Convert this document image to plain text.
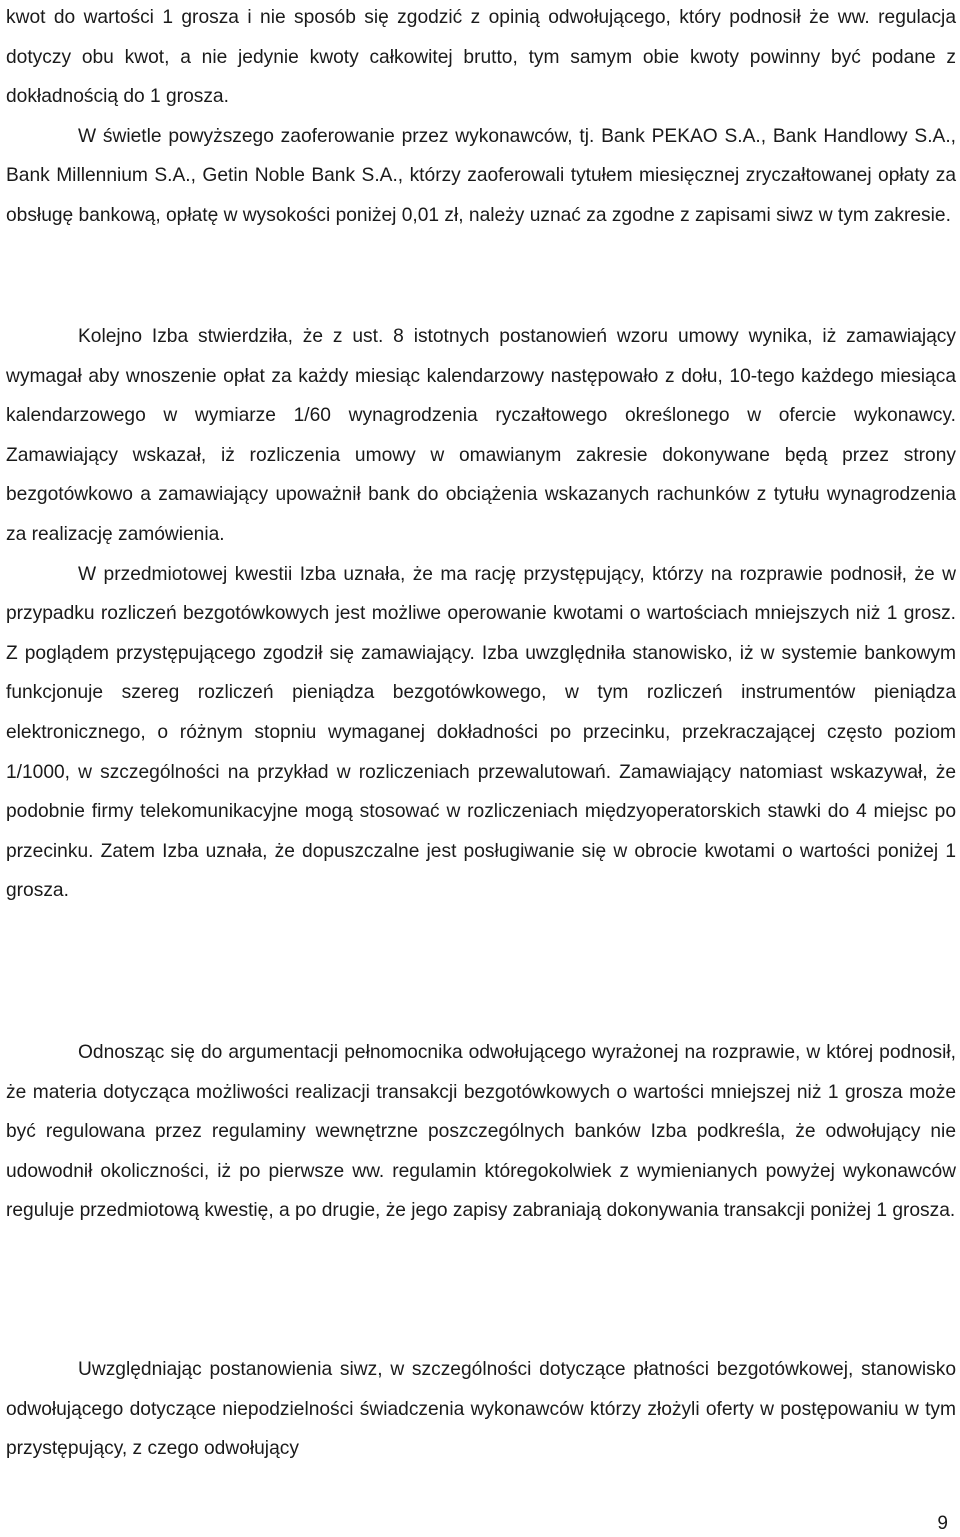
kwot do wartości 1 grosza i nie sposób się zgodzić z opinią odwołującego, który podnosił że ww. regulacja dotyczy obu kwot, a nie jedynie kwoty całkowitej brutto, tym samym obie kwoty powinny być podane z dokładnością do 1 grosza.

W świetle powyższego zaoferowanie przez wykonawców, tj. Bank PEKAO S.A., Bank Handlowy S.A., Bank Millennium S.A., Getin Noble Bank S.A., którzy zaoferowali tytułem miesięcznej zryczałtowanej opłaty za obsługę bankową, opłatę w wysokości poniżej 0,01 zł, należy uznać za zgodne z zapisami siwz w tym zakresie.

Kolejno Izba stwierdziła, że z ust. 8 istotnych postanowień wzoru umowy wynika, iż zamawiający wymagał aby wnoszenie opłat za każdy miesiąc kalendarzowy następowało z dołu, 10-tego każdego miesiąca kalendarzowego w wymiarze 1/60 wynagrodzenia ryczałtowego określonego w ofercie wykonawcy. Zamawiający wskazał, iż rozliczenia umowy w omawianym zakresie dokonywane będą przez strony bezgotówkowo a zamawiający upoważnił bank do obciążenia wskazanych rachunków z tytułu wynagrodzenia za realizację zamówienia.

W przedmiotowej kwestii Izba uznała, że ma rację przystępujący, którzy na rozprawie podnosił, że w przypadku rozliczeń bezgotówkowych jest możliwe operowanie kwotami o wartościach mniejszych niż 1 grosz. Z poglądem przystępującego zgodził się zamawiający. Izba uwzględniła stanowisko, iż w systemie bankowym funkcjonuje szereg rozliczeń pieniądza bezgotówkowego, w tym rozliczeń instrumentów pieniądza elektronicznego, o różnym stopniu wymaganej dokładności po przecinku, przekraczającej często poziom 1/1000, w szczególności na przykład w rozliczeniach przewalutowań. Zamawiający natomiast wskazywał, że podobnie firmy telekomunikacyjne mogą stosować w rozliczeniach międzyoperatorskich stawki do 4 miejsc po przecinku. Zatem Izba uznała, że dopuszczalne jest posługiwanie się w obrocie kwotami o wartości poniżej 1 grosza.

Odnosząc się do argumentacji pełnomocnika odwołującego wyrażonej na rozprawie, w której podnosił, że materia dotycząca możliwości realizacji transakcji bezgotówkowych o wartości mniejszej niż 1 grosza może być regulowana przez regulaminy wewnętrzne poszczególnych banków Izba podkreśla, że odwołujący nie udowodnił okoliczności, iż po pierwsze ww. regulamin któregokolwiek z wymienianych powyżej wykonawców reguluje przedmiotową kwestię, a po drugie, że jego zapisy zabraniają dokonywania transakcji poniżej 1 grosza.

Uwzględniając postanowienia siwz, w szczególności dotyczące płatności bezgotówkowej, stanowisko odwołującego dotyczące niepodzielności świadczenia wykonawców którzy złożyli oferty w postępowaniu w tym przystępujący, z czego odwołujący

9
